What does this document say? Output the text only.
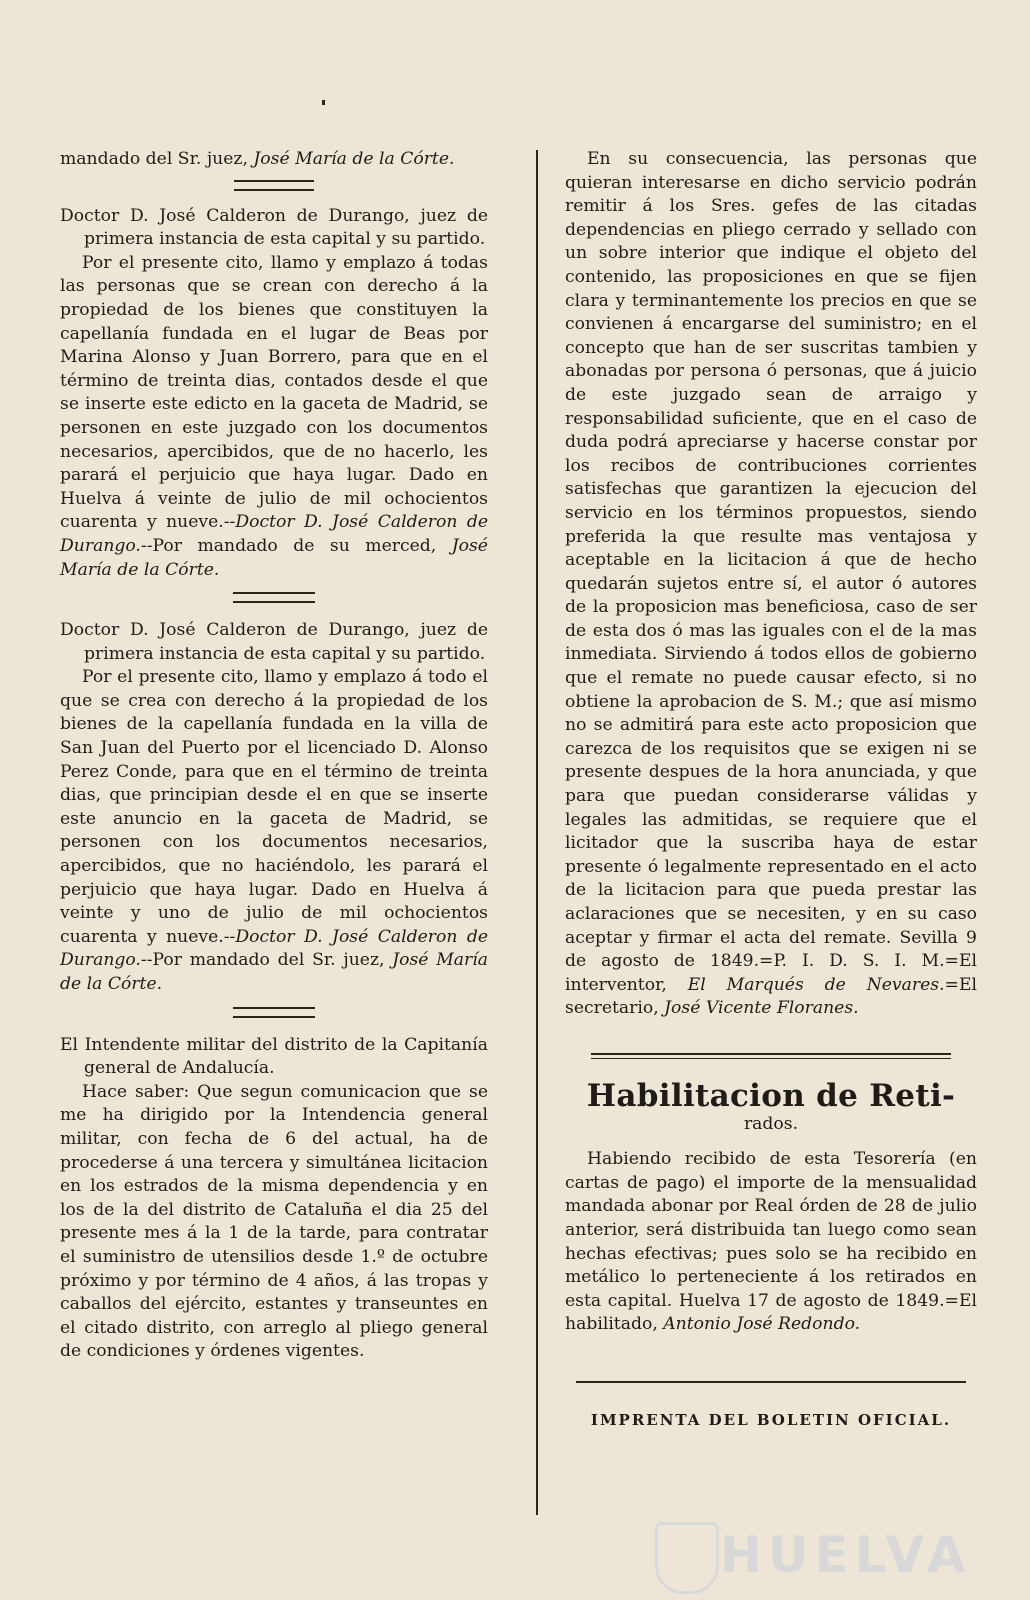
mandado del Sr. juez, José María de la Córte.

Doctor D. José Calderon de Durango, juez de primera instancia de esta capital y su partido.

Por el presente cito, llamo y emplazo á todas las personas que se crean con derecho á la propiedad de los bienes que constituyen la capellanía fundada en el lugar de Beas por Marina Alonso y Juan Borrero, para que en el término de treinta dias, contados desde el que se inserte este edicto en la gaceta de Madrid, se personen en este juzgado con los documentos necesarios, apercibidos, que de no hacerlo, les parará el perjuicio que haya lugar. Dado en Huelva á veinte de julio de mil ochocientos cuarenta y nueve.--Doctor D. José Calderon de Durango.--Por mandado de su merced, José María de la Córte.

Doctor D. José Calderon de Durango, juez de primera instancia de esta capital y su partido.

Por el presente cito, llamo y emplazo á todo el que se crea con derecho á la propiedad de los bienes de la capellanía fundada en la villa de San Juan del Puerto por el licenciado D. Alonso Perez Conde, para que en el término de treinta dias, que principian desde el en que se inserte este anuncio en la gaceta de Madrid, se personen con los documentos necesarios, apercibidos, que no haciéndolo, les parará el perjuicio que haya lugar. Dado en Huelva á veinte y uno de julio de mil ochocientos cuarenta y nueve.--Doctor D. José Calderon de Durango.--Por mandado del Sr. juez, José María de la Córte.

El Intendente militar del distrito de la Capitanía general de Andalucía.

Hace saber: Que segun comunicacion que se me ha dirigido por la Intendencia general militar, con fecha de 6 del actual, ha de procederse á una tercera y simultánea licitacion en los estrados de la misma dependencia y en los de la del distrito de Cataluña el dia 25 del presente mes á la 1 de la tarde, para contratar el suministro de utensilios desde 1.º de octubre próximo y por término de 4 años, á las tropas y caballos del ejército, estantes y transeuntes en el citado distrito, con arreglo al pliego general de condiciones y órdenes vigentes.

En su consecuencia, las personas que quieran interesarse en dicho servicio podrán remitir á los Sres. gefes de las citadas dependencias en pliego cerrado y sellado con un sobre interior que indique el objeto del contenido, las proposiciones en que se fijen clara y terminantemente los precios en que se convienen á encargarse del suministro; en el concepto que han de ser suscritas tambien y abonadas por persona ó personas, que á juicio de este juzgado sean de arraigo y responsabilidad suficiente, que en el caso de duda podrá apreciarse y hacerse constar por los recibos de contribuciones corrientes satisfechas que garantizen la ejecucion del servicio en los términos propuestos, siendo preferida la que resulte mas ventajosa y aceptable en la licitacion á que de hecho quedarán sujetos entre sí, el autor ó autores de la proposicion mas beneficiosa, caso de ser de esta dos ó mas las iguales con el de la mas inmediata. Sirviendo á todos ellos de gobierno que el remate no puede causar efecto, si no obtiene la aprobacion de S. M.; que así mismo no se admitirá para este acto proposicion que carezca de los requisitos que se exigen ni se presente despues de la hora anunciada, y que para que puedan considerarse válidas y legales las admitidas, se requiere que el licitador que la suscriba haya de estar presente ó legalmente representado en el acto de la licitacion para que pueda prestar las aclaraciones que se necesiten, y en su caso aceptar y firmar el acta del remate. Sevilla 9 de agosto de 1849.=P. I. D. S. I. M.=El interventor, El Marqués de Nevares.=El secretario, José Vicente Floranes.

Habilitacion de Reti-
rados.

Habiendo recibido de esta Tesorería (en cartas de pago) el importe de la mensualidad mandada abonar por Real órden de 28 de julio anterior, será distribuida tan luego como sean hechas efectivas; pues solo se ha recibido en metálico lo perteneciente á los retirados en esta capital. Huelva 17 de agosto de 1849.=El habilitado, Antonio José Redondo.

IMPRENTA DEL BOLETIN OFICIAL.
HUELVA
